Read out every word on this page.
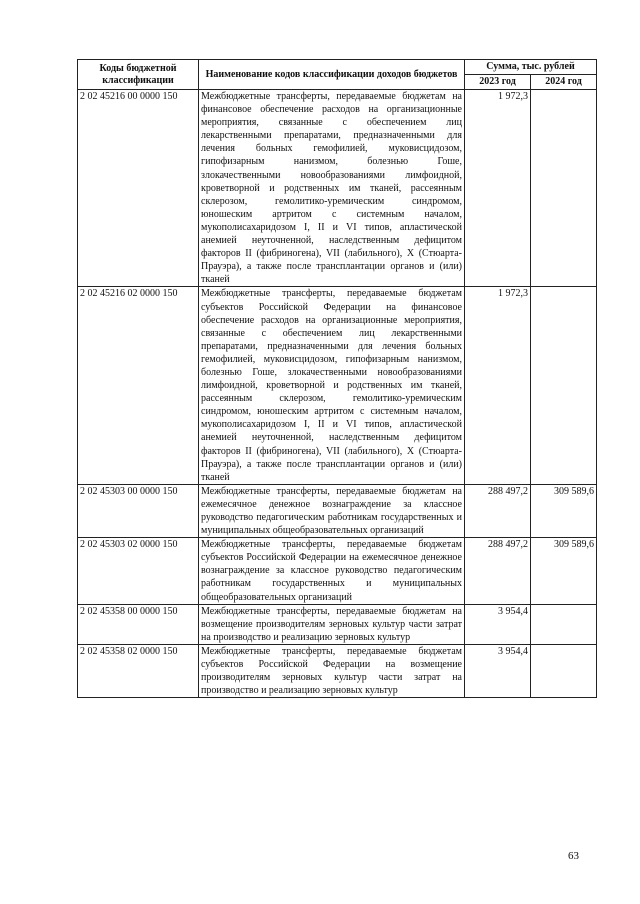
Коды бюджетной классификации	Наименование кодов классификации доходов бюджетов	Сумма, тыс. рублей	
		2023 год	2024 год
2 02 45216 00 0000 150	Межбюджетные трансферты, передаваемые бюджетам на финансовое обеспечение расходов на организационные мероприятия, связанные с обеспечением лиц лекарственными препаратами, предназначенными для лечения больных гемофилией, муковисцидозом, гипофизарным нанизмом, болезнью Гоше, злокачественными новообразованиями лимфоидной, кроветворной и родственных им тканей, рассеянным склерозом, гемолитико-уремическим синдромом, юношеским артритом с системным началом, мукополисахаридозом I, II и VI типов, апластической анемией неуточненной, наследственным дефицитом факторов II (фибриногена), VII (лабильного), X (Стюарта-Прауэра), а также после трансплантации органов и (или) тканей	1 972,3	
2 02 45216 02 0000 150	Межбюджетные трансферты, передаваемые бюджетам субъектов Российской Федерации на финансовое обеспечение расходов на организационные мероприятия, связанные с обеспечением лиц лекарственными препаратами, предназначенными для лечения больных гемофилией, муковисцидозом, гипофизарным нанизмом, болезнью Гоше, злокачественными новообразованиями лимфоидной, кроветворной и родственных им тканей, рассеянным склерозом, гемолитико-уремическим синдромом, юношеским артритом с системным началом, мукополисахаридозом I, II и VI типов, апластической анемией неуточненной, наследственным дефицитом факторов II (фибриногена), VII (лабильного), X (Стюарта-Прауэра), а также после трансплантации органов и (или) тканей	1 972,3	
2 02 45303 00 0000 150	Межбюджетные трансферты, передаваемые бюджетам на ежемесячное денежное вознаграждение за классное руководство педагогическим работникам государственных и муниципальных общеобразовательных организаций	288 497,2	309 589,6
2 02 45303 02 0000 150	Межбюджетные трансферты, передаваемые бюджетам субъектов Российской Федерации на ежемесячное денежное вознаграждение за классное руководство педагогическим работникам государственных и муниципальных общеобразовательных организаций	288 497,2	309 589,6
2 02 45358 00 0000 150	Межбюджетные трансферты, передаваемые бюджетам на возмещение производителям зерновых культур части затрат на производство и реализацию зерновых культур	3 954,4	
2 02 45358 02 0000 150	Межбюджетные трансферты, передаваемые бюджетам субъектов Российской Федерации на возмещение производителям зерновых культур части затрат на производство и реализацию зерновых культур	3 954,4	
63
